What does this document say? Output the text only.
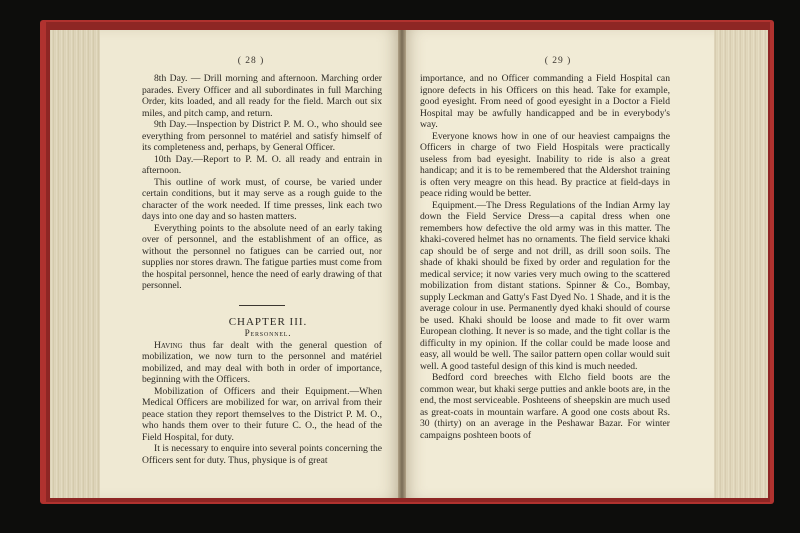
( 28 )

8th Day. — Drill morning and afternoon. Marching order parades. Every Officer and all subordinates in full Marching Order, kits loaded, and all ready for the field. March out six miles, and pitch camp, and return.

9th Day.—Inspection by District P. M. O., who should see everything from personnel to matériel and satisfy himself of its completeness and, perhaps, by General Officer.

10th Day.—Report to P. M. O. all ready and entrain in afternoon.

This outline of work must, of course, be varied under certain conditions, but it may serve as a rough guide to the character of the work needed. If time presses, link each two days into one day and so hasten matters.

Everything points to the absolute need of an early taking over of personnel, and the establishment of an office, as without the personnel no fatigues can be carried out, nor supplies nor stores drawn. The fatigue parties must come from the hospital personnel, hence the need of early drawing of that personnel.

CHAPTER III.

Personnel.

Having thus far dealt with the general question of mobilization, we now turn to the personnel and matériel mobilized, and may deal with both in order of importance, beginning with the Officers.

Mobilization of Officers and their Equipment.—When Medical Officers are mobilized for war, on arrival from their peace station they report themselves to the District P. M. O., who hands them over to their future C. O., the head of the Field Hospital, for duty.

It is necessary to enquire into several points concerning the Officers sent for duty. Thus, physique is of great

( 29 )

importance, and no Officer commanding a Field Hospital can ignore defects in his Officers on this head. Take for example, good eyesight. From need of good eyesight in a Doctor a Field Hospital may be awfully handicapped and be in everybody's way.

Everyone knows how in one of our heaviest campaigns the Officers in charge of two Field Hospitals were practically useless from bad eyesight. Inability to ride is also a great handicap; and it is to be remembered that the Aldershot training is often very meagre on this head. By practice at field-days in peace riding would be better.

Equipment.—The Dress Regulations of the Indian Army lay down the Field Service Dress—a capital dress when one remembers how defective the old army was in this matter. The khaki-covered helmet has no ornaments. The field service khaki cap should be of serge and not drill, as drill soon soils. The shade of khaki should be fixed by order and regulation for the medical service; it now varies very much owing to the scattered mobilization from distant stations. Spinner & Co., Bombay, supply Leckman and Gatty's Fast Dyed No. 1 Shade, and it is the average colour in use. Permanently dyed khaki should of course be used. Khaki should be loose and made to fit over warm European clothing. It never is so made, and the tight collar is the difficulty in my opinion. If the collar could be made loose and easy, all would be well. The sailor pattern open collar would suit well. A good tasteful design of this kind is much needed.

Bedford cord breeches with Elcho field boots are the common wear, but khaki serge putties and ankle boots are, in the end, the most serviceable. Poshteens of sheepskin are much used as great-coats in mountain warfare. A good one costs about Rs. 30 (thirty) on an average in the Peshawar Bazar. For winter campaigns poshteen boots of
